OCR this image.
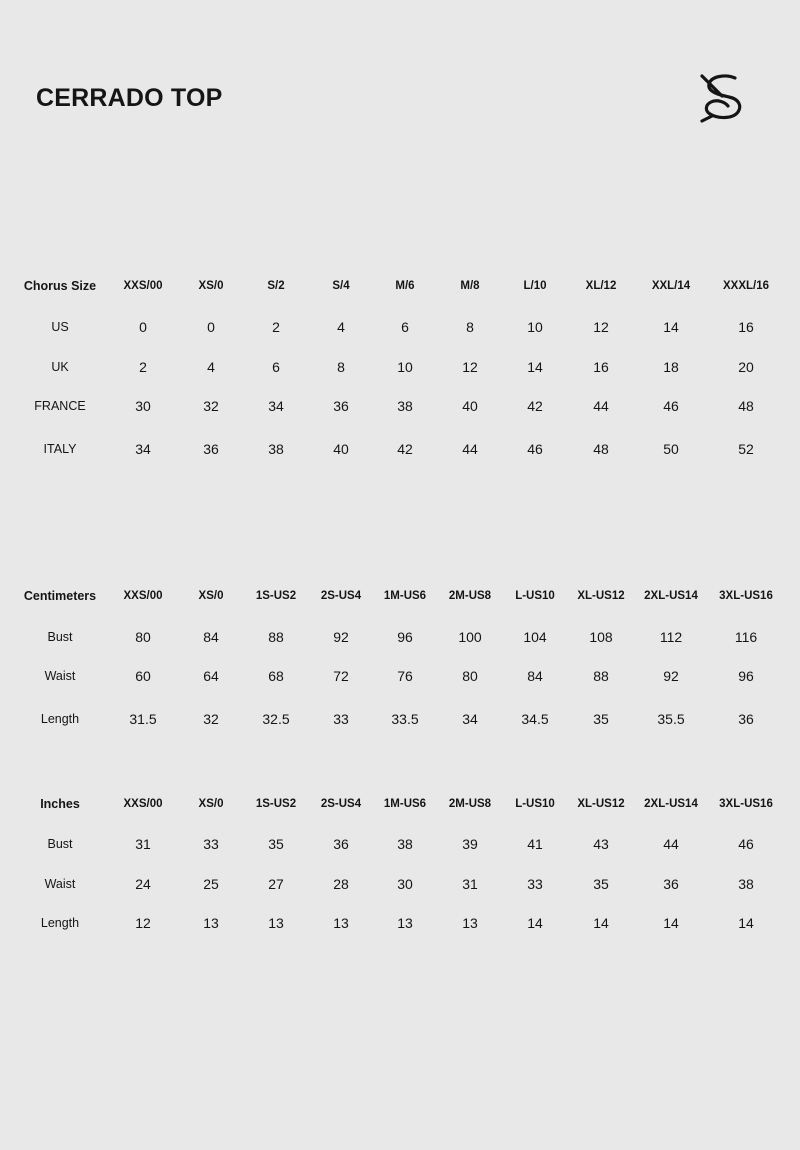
CERRADO TOP
Chorus Size	XXS/00	XS/0	S/2	S/4	M/6	M/8	L/10	XL/12	XXL/14	XXXL/16
US	0	0	2	4	6	8	10	12	14	16
UK	2	4	6	8	10	12	14	16	18	20
FRANCE	30	32	34	36	38	40	42	44	46	48
ITALY	34	36	38	40	42	44	46	48	50	52
Centimeters	XXS/00	XS/0	1S-US2	2S-US4	1M-US6	2M-US8	L-US10	XL-US12	2XL-US14	3XL-US16
Bust	80	84	88	92	96	100	104	108	112	116
Waist	60	64	68	72	76	80	84	88	92	96
Length	31.5	32	32.5	33	33.5	34	34.5	35	35.5	36
Inches	XXS/00	XS/0	1S-US2	2S-US4	1M-US6	2M-US8	L-US10	XL-US12	2XL-US14	3XL-US16
Bust	31	33	35	36	38	39	41	43	44	46
Waist	24	25	27	28	30	31	33	35	36	38
Length	12	13	13	13	13	13	14	14	14	14
